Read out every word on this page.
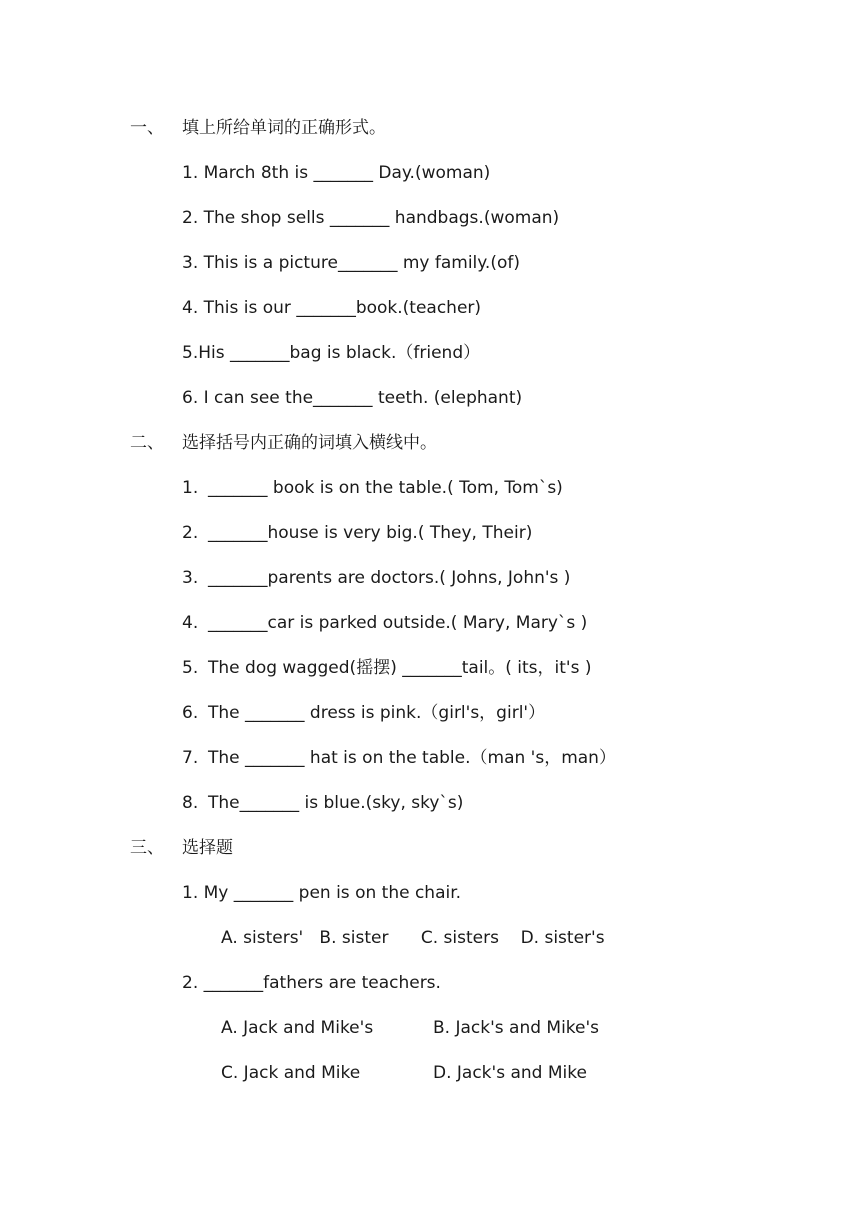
一、 填上所给单词的正确形式。
1. March 8th is _______ Day.(woman)
2. The shop sells _______ handbags.(woman)
3. This is a picture_______ my family.(of)
4. This is our _______book.(teacher)
5.His _______bag is black.（friend）
6. I can see the_______ teeth. (elephant)
二、 选择括号内正确的词填入横线中。
1. _______ book is on the table.( Tom, Tom`s)
2. _______house is very big.( They, Their)
3. _______parents are doctors.( Johns, John's )
4. _______car is parked outside.( Mary, Mary`s )
5. The dog wagged(摇摆) _______tail。( its，it's )
6. The _______ dress is pink.（girl's，girl'）
7. The _______ hat is on the table.（man 's，man）
8. The_______ is blue.(sky, sky`s)
三、 选择题
1. My _______ pen is on the chair.
A. sisters'   B. sister      C. sisters    D. sister's
2. _______fathers are teachers.
A. Jack and Mike's	B. Jack's and Mike's
C. Jack and Mike	D. Jack's and Mike
